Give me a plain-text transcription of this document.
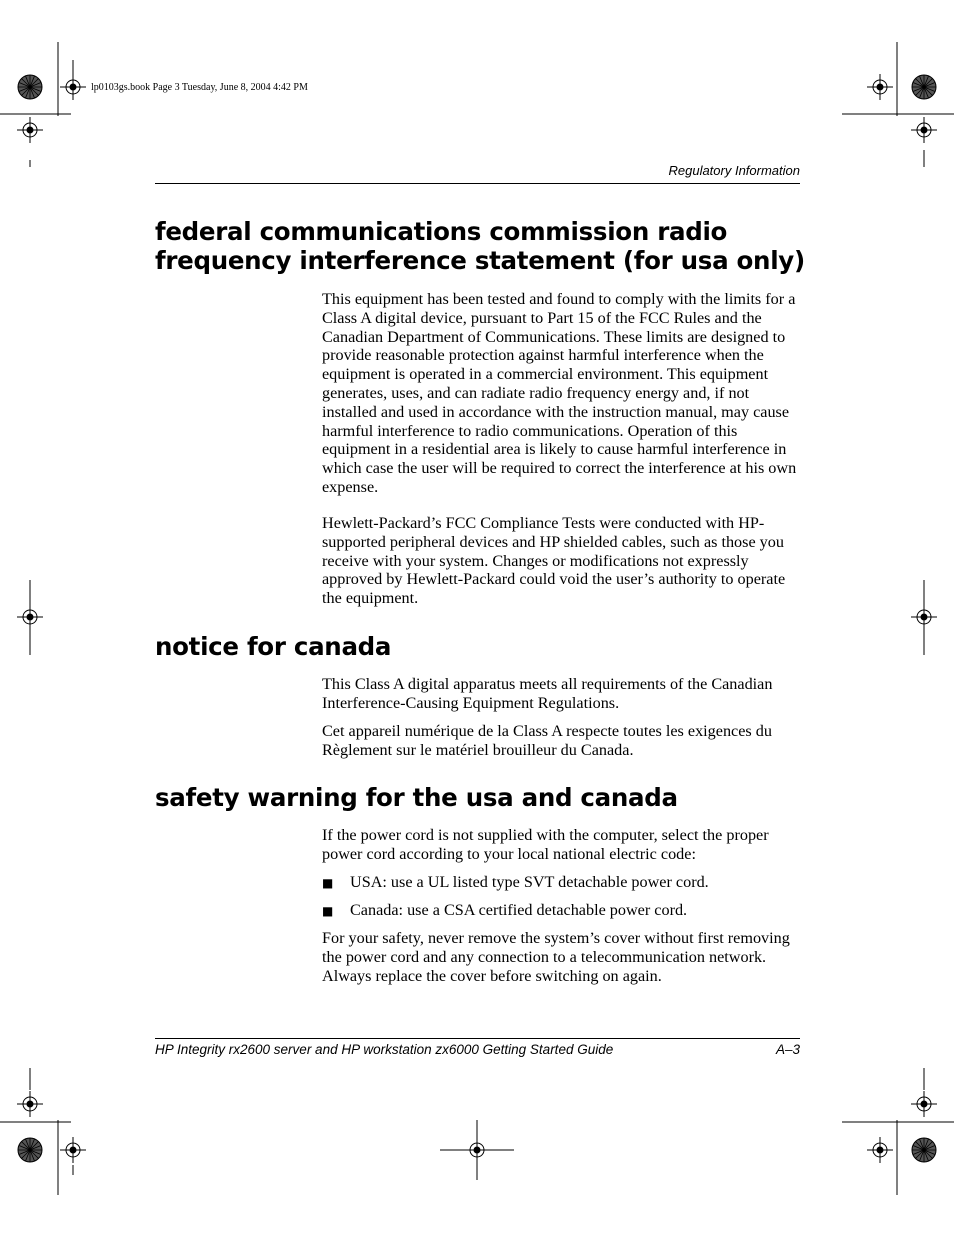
lp0103gs.book Page 3 Tuesday, June 8, 2004 4:42 PM
Regulatory Information
federal communications commission radio frequency interference statement (for usa only)

This equipment has been tested and found to comply with the limits for a Class A digital device, pursuant to Part 15 of the FCC Rules and the Canadian Department of Communications. These limits are designed to provide reasonable protection against harmful interference when the equipment is operated in a commercial environment. This equipment generates, uses, and can radiate radio frequency energy and, if not installed and used in accordance with the instruction manual, may cause harmful interference to radio communications. Operation of this equipment in a residential area is likely to cause harmful interference in which case the user will be required to correct the interference at his own expense.

Hewlett-Packard’s FCC Compliance Tests were conducted with HP-supported peripheral devices and HP shielded cables, such as those you receive with your system. Changes or modifications not expressly approved by Hewlett-Packard could void the user’s authority to operate the equipment.

notice for canada

This Class A digital apparatus meets all requirements of the Canadian Interference-Causing Equipment Regulations.

Cet appareil numérique de la Class A respecte toutes les exigences du Règlement sur le matériel brouilleur du Canada.

safety warning for the usa and canada

If the power cord is not supplied with the computer, select the proper power cord according to your local national electric code:

■ USA: use a UL listed type SVT detachable power cord.
■ Canada: use a CSA certified detachable power cord.

For your safety, never remove the system’s cover without first removing the power cord and any connection to a telecommunication network. Always replace the cover before switching on again.

HP Integrity rx2600 server and HP workstation zx6000 Getting Started Guide	A–3
